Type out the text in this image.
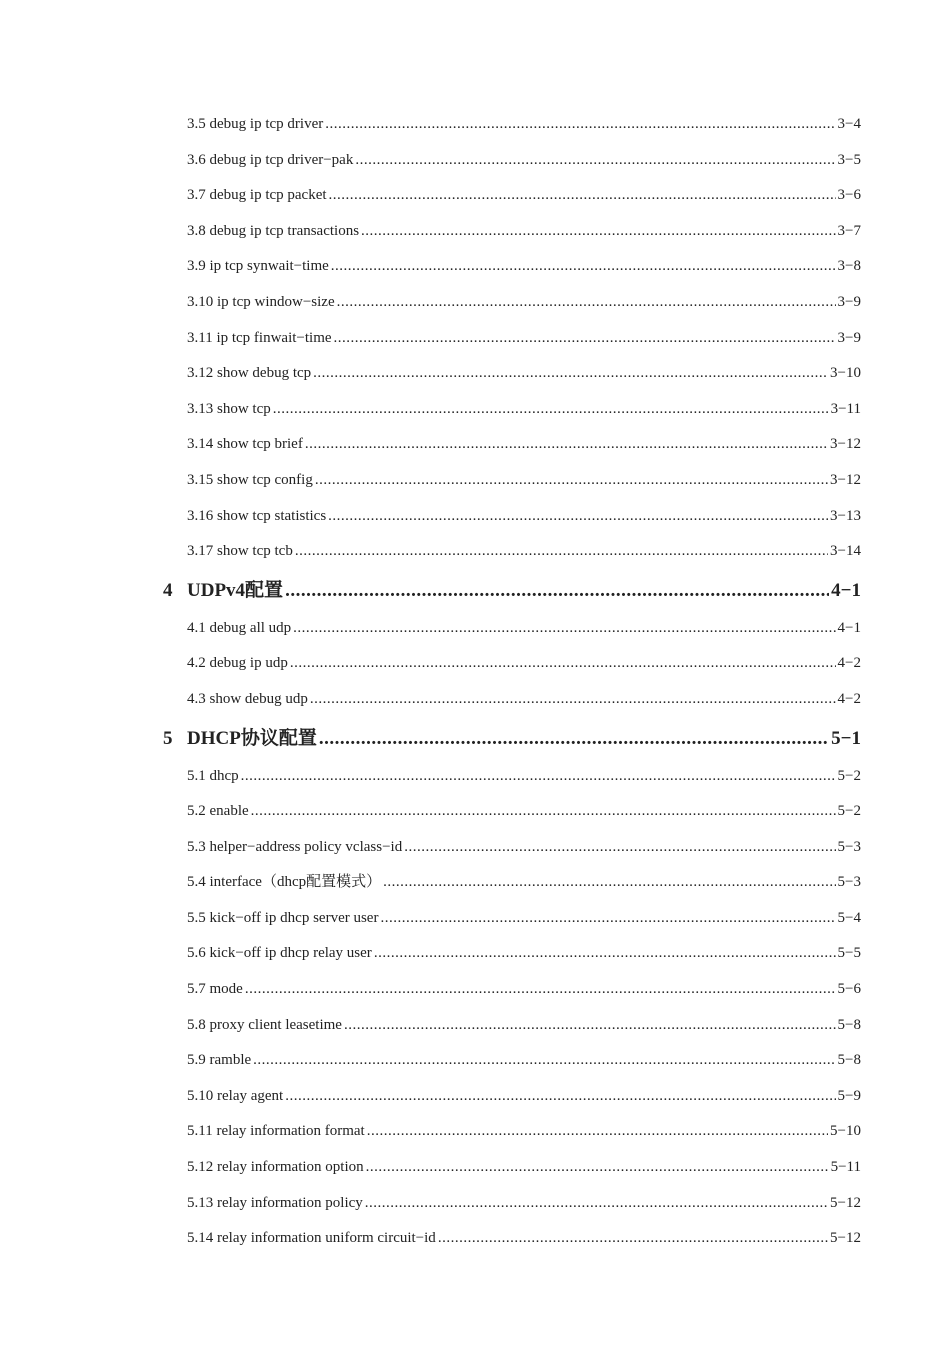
3.5 debug ip tcp driver .....	3−4
3.6 debug ip tcp driver−pak .....	3−5
3.7 debug ip tcp packet .....	3−6
3.8 debug ip tcp transactions .....	3−7
3.9 ip tcp synwait−time .....	3−8
3.10 ip tcp window−size .....	3−9
3.11 ip tcp finwait−time .....	3−9
3.12 show debug tcp .....	3−10
3.13 show tcp .....	3−11
3.14 show tcp brief .....	3−12
3.15 show tcp config .....	3−12
3.16 show tcp statistics .....	3−13
3.17 show tcp tcb .....	3−14
4 UDPv4配置 .....	4−1
4.1 debug all udp .....	4−1
4.2 debug ip udp .....	4−2
4.3 show debug udp .....	4−2
5 DHCP协议配置 .....	5−1
5.1 dhcp .....	5−2
5.2 enable .....	5−2
5.3 helper−address policy vclass−id .....	5−3
5.4 interface（dhcp配置模式） .....	5−3
5.5 kick−off ip dhcp server user .....	5−4
5.6 kick−off ip dhcp relay user .....	5−5
5.7 mode .....	5−6
5.8 proxy client leasetime .....	5−8
5.9 ramble .....	5−8
5.10 relay agent .....	5−9
5.11 relay information format .....	5−10
5.12 relay information option .....	5−11
5.13 relay information policy .....	5−12
5.14 relay information uniform circuit−id .....	5−12
